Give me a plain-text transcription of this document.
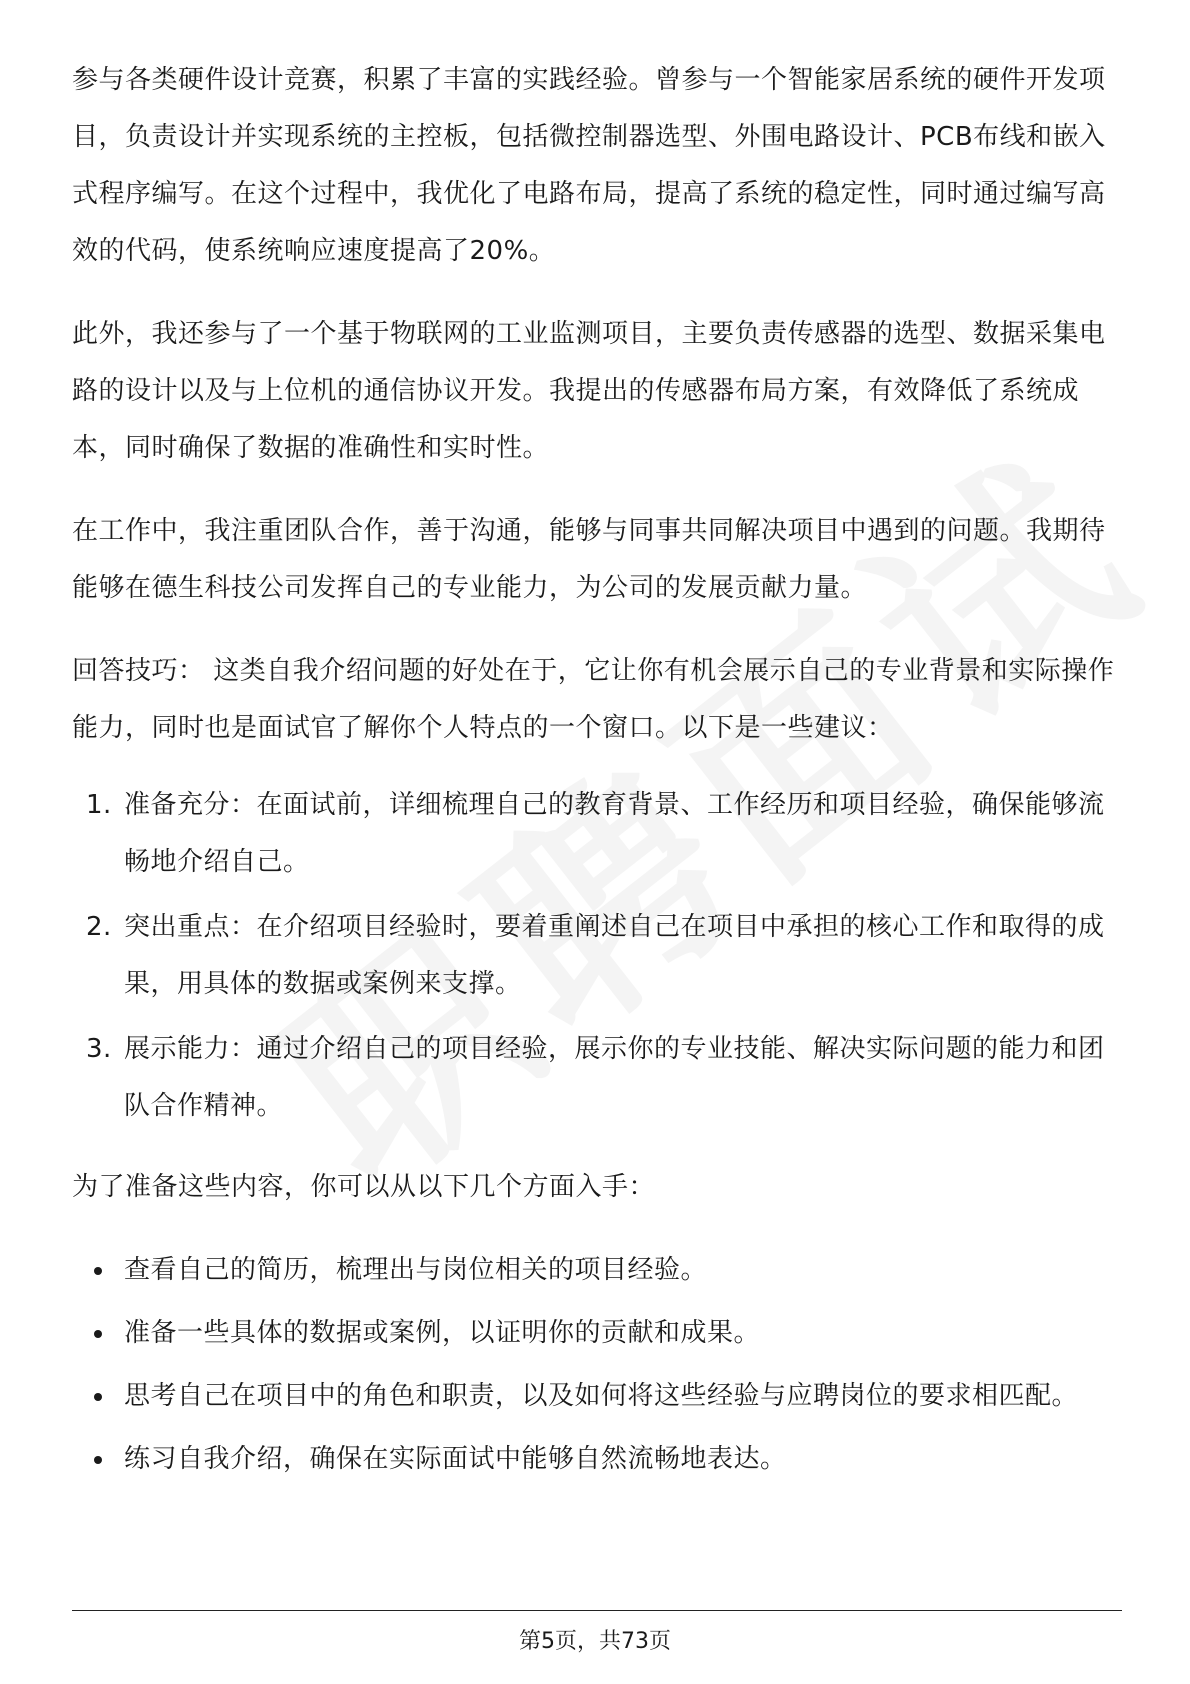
参与各类硬件设计竞赛，积累了丰富的实践经验。曾参与一个智能家居系统的硬件开发项目，负责设计并实现系统的主控板，包括微控制器选型、外围电路设计、PCB布线和嵌入式程序编写。在这个过程中，我优化了电路布局，提高了系统的稳定性，同时通过编写高效的代码，使系统响应速度提高了20%。

此外，我还参与了一个基于物联网的工业监测项目，主要负责传感器的选型、数据采集电路的设计以及与上位机的通信协议开发。我提出的传感器布局方案，有效降低了系统成本，同时确保了数据的准确性和实时性。

在工作中，我注重团队合作，善于沟通，能够与同事共同解决项目中遇到的问题。我期待能够在德生科技公司发挥自己的专业能力，为公司的发展贡献力量。

回答技巧： 这类自我介绍问题的好处在于，它让你有机会展示自己的专业背景和实际操作能力，同时也是面试官了解你个人特点的一个窗口。以下是一些建议：

1. 准备充分：在面试前，详细梳理自己的教育背景、工作经历和项目经验，确保能够流畅地介绍自己。
2. 突出重点：在介绍项目经验时，要着重阐述自己在项目中承担的核心工作和取得的成果，用具体的数据或案例来支撑。
3. 展示能力：通过介绍自己的项目经验，展示你的专业技能、解决实际问题的能力和团队合作精神。

为了准备这些内容，你可以从以下几个方面入手：

查看自己的简历，梳理出与岗位相关的项目经验。
准备一些具体的数据或案例，以证明你的贡献和成果。
思考自己在项目中的角色和职责，以及如何将这些经验与应聘岗位的要求相匹配。
练习自我介绍，确保在实际面试中能够自然流畅地表达。
第5页，共73页
